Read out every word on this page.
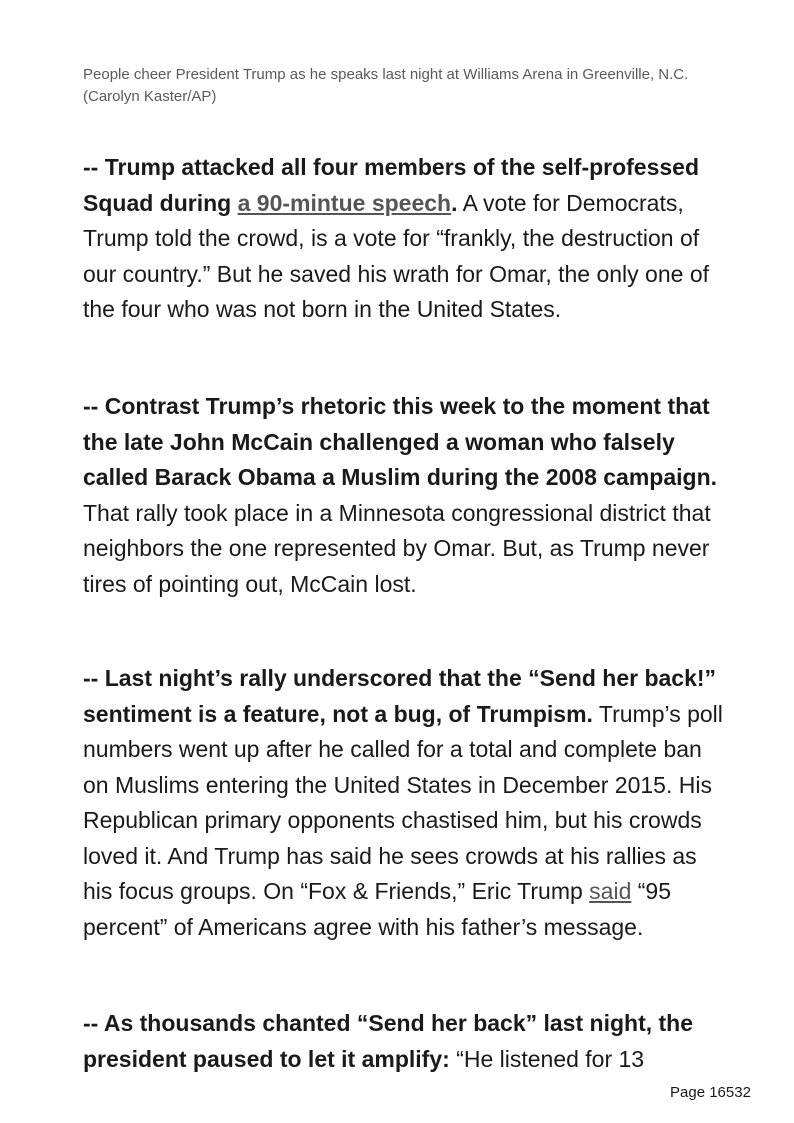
People cheer President Trump as he speaks last night at Williams Arena in Greenville, N.C. (Carolyn Kaster/AP)
-- Trump attacked all four members of the self-professed Squad during a 90-mintue speech. A vote for Democrats, Trump told the crowd, is a vote for “frankly, the destruction of our country.” But he saved his wrath for Omar, the only one of the four who was not born in the United States.
-- Contrast Trump’s rhetoric this week to the moment that the late John McCain challenged a woman who falsely called Barack Obama a Muslim during the 2008 campaign. That rally took place in a Minnesota congressional district that neighbors the one represented by Omar. But, as Trump never tires of pointing out, McCain lost.
-- Last night’s rally underscored that the “Send her back!” sentiment is a feature, not a bug, of Trumpism. Trump’s poll numbers went up after he called for a total and complete ban on Muslims entering the United States in December 2015. His Republican primary opponents chastised him, but his crowds loved it. And Trump has said he sees crowds at his rallies as his focus groups. On “Fox & Friends,” Eric Trump said “95 percent” of Americans agree with his father’s message.
-- As thousands chanted “Send her back” last night, the president paused to let it amplify: “He listened for 13
Page 16532
